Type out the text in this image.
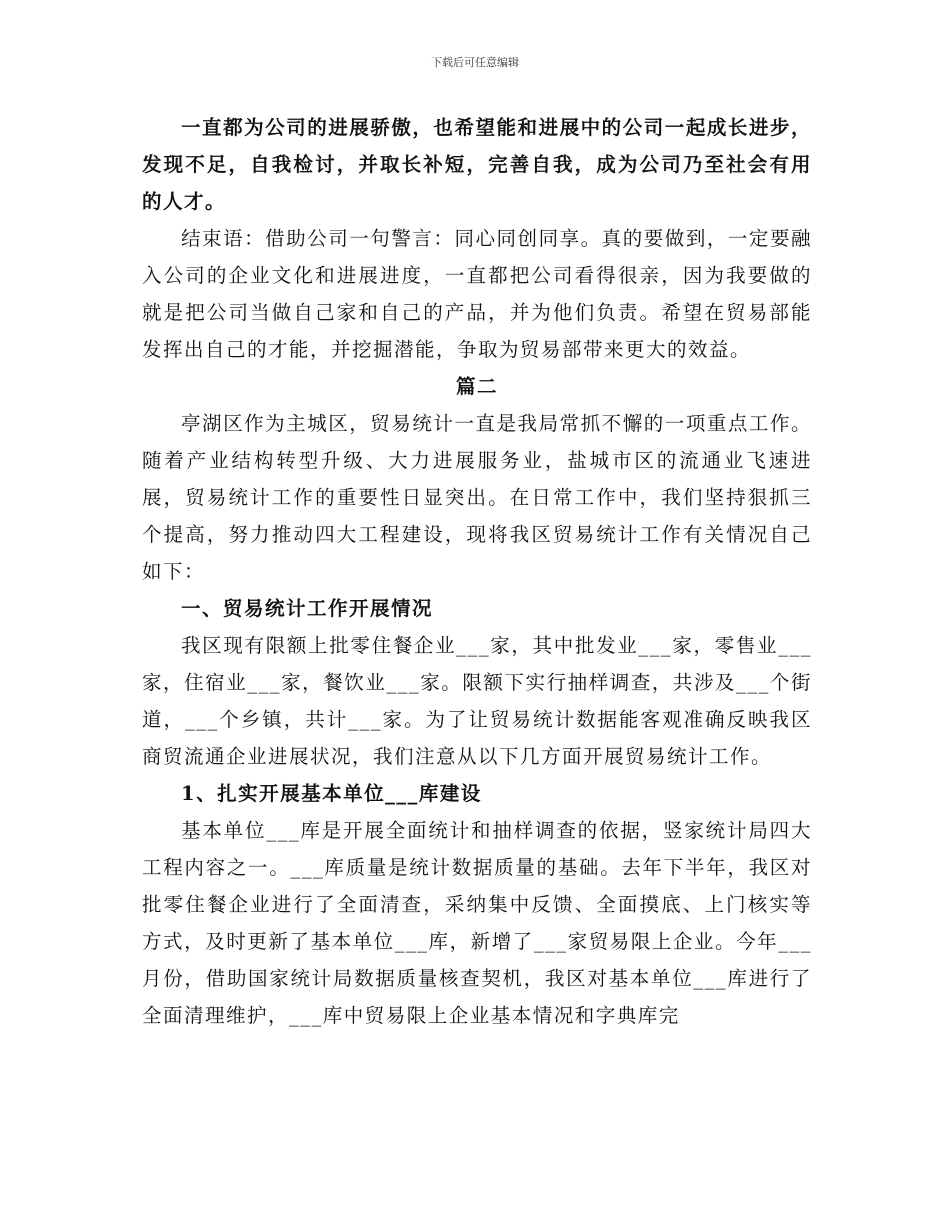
下载后可任意编辑

一直都为公司的进展骄傲，也希望能和进展中的公司一起成长进步，发现不足，自我检讨，并取长补短，完善自我，成为公司乃至社会有用的人才。

结束语：借助公司一句警言：同心同创同享。真的要做到，一定要融入公司的企业文化和进展进度，一直都把公司看得很亲，因为我要做的就是把公司当做自己家和自己的产品，并为他们负责。希望在贸易部能发挥出自己的才能，并挖掘潜能，争取为贸易部带来更大的效益。

篇二

亭湖区作为主城区，贸易统计一直是我局常抓不懈的一项重点工作。随着产业结构转型升级、大力进展服务业，盐城市区的流通业飞速进展，贸易统计工作的重要性日显突出。在日常工作中，我们坚持狠抓三个提高，努力推动四大工程建设，现将我区贸易统计工作有关情况自己如下：

一、贸易统计工作开展情况

我区现有限额上批零住餐企业___家，其中批发业___家，零售业___家，住宿业___家，餐饮业___家。限额下实行抽样调查，共涉及___个街道，___个乡镇，共计___家。为了让贸易统计数据能客观准确反映我区商贸流通企业进展状况，我们注意从以下几方面开展贸易统计工作。

1、扎实开展基本单位___库建设

基本单位___库是开展全面统计和抽样调查的依据，竖家统计局四大工程内容之一。___库质量是统计数据质量的基础。去年下半年，我区对批零住餐企业进行了全面清查，采纳集中反馈、全面摸底、上门核实等方式，及时更新了基本单位___库，新增了___家贸易限上企业。今年___月份，借助国家统计局数据质量核查契机，我区对基本单位___库进行了全面清理维护，___库中贸易限上企业基本情况和字典库完
